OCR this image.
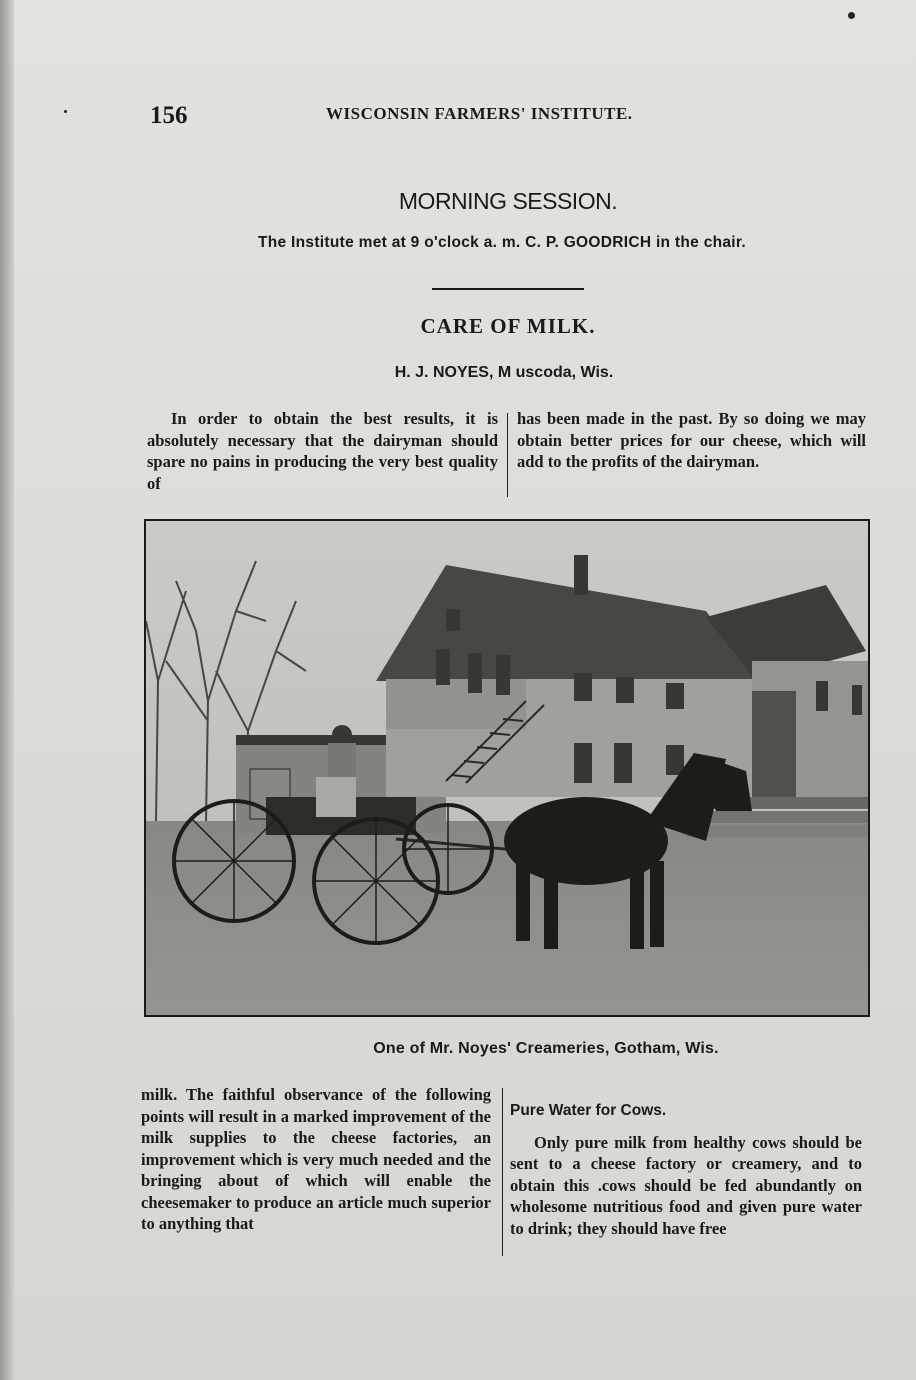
156	WISCONSIN FARMERS' INSTITUTE.
MORNING SESSION.
The Institute met at 9 o'clock a. m. C. P. GOODRICH in the chair.
CARE OF MILK.
H. J. NOYES, M uscoda, Wis.

In order to obtain the best results, it is absolutely necessary that the dairyman should spare no pains in producing the very best quality of

has been made in the past. By so doing we may obtain better prices for our cheese, which will add to the profits of the dairyman.

One of Mr. Noyes' Creameries, Gotham, Wis.

milk. The faithful observance of the following points will result in a marked improvement of the milk supplies to the cheese factories, an improvement which is very much needed and the bringing about of which will enable the cheesemaker to produce an article much superior to anything that

Pure Water for Cows.

Only pure milk from healthy cows should be sent to a cheese factory or creamery, and to obtain this .cows should be fed abundantly on wholesome nutritious food and given pure water to drink; they should have free
